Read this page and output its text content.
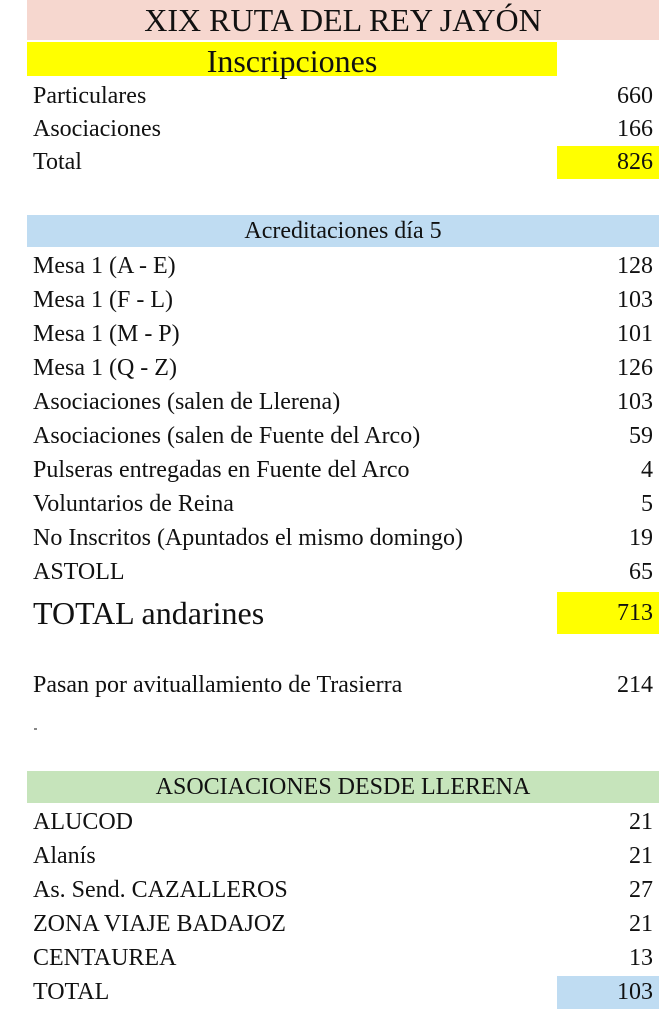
XIX RUTA DEL REY JAYÓN
Inscripciones
Particulares	660
Asociaciones	166
Total	826
Acreditaciones día 5
Mesa 1 (A - E)	128
Mesa 1 (F - L)	103
Mesa 1 (M - P)	101
Mesa 1 (Q - Z)	126
Asociaciones (salen de Llerena)	103
Asociaciones (salen de Fuente del Arco)	59
Pulseras entregadas en Fuente del Arco	4
Voluntarios de Reina	5
No Inscritos (Apuntados el mismo domingo)	19
ASTOLL	65
TOTAL andarines	713
Pasan por avituallamiento de Trasierra	214
ASOCIACIONES DESDE LLERENA
ALUCOD	21
Alanís	21
As. Send. CAZALLEROS	27
ZONA VIAJE BADAJOZ	21
CENTAUREA	13
TOTAL	103
